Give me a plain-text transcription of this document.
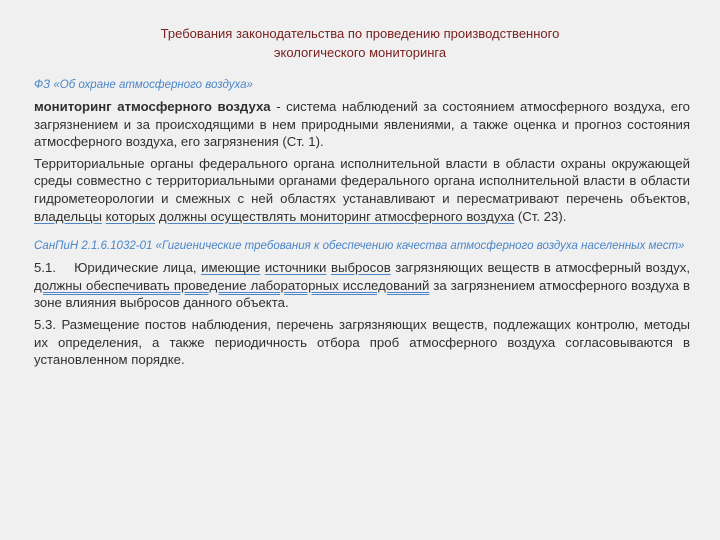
Требования законодательства по проведению производственного
экологического мониторинга
ФЗ «Об охране атмосферного воздуха»

мониторинг атмосферного воздуха - система наблюдений за состоянием атмосферного воздуха, его загрязнением и за происходящими в нем природными явлениями, а также оценка и прогноз состояния атмосферного воздуха, его загрязнения (Ст. 1).

Территориальные органы федерального органа исполнительной власти в области охраны окружающей среды совместно с территориальными органами федерального органа исполнительной власти в области гидрометеорологии и смежных с ней областях устанавливают и пересматривают перечень объектов, владельцы которых должны осуществлять мониторинг атмосферного воздуха (Ст. 23).

СанПиН 2.1.6.1032-01 «Гигиенические требования к обеспечению качества атмосферного воздуха населенных мест»

5.1.    Юридические лица, имеющие источники выбросов загрязняющих веществ в атмосферный воздух, должны обеспечивать проведение лабораторных исследований за загрязнением атмосферного воздуха в зоне влияния выбросов данного объекта.

5.3. Размещение постов наблюдения, перечень загрязняющих веществ, подлежащих контролю, методы их определения, а также периодичность отбора проб атмосферного воздуха согласовываются в установленном порядке.
